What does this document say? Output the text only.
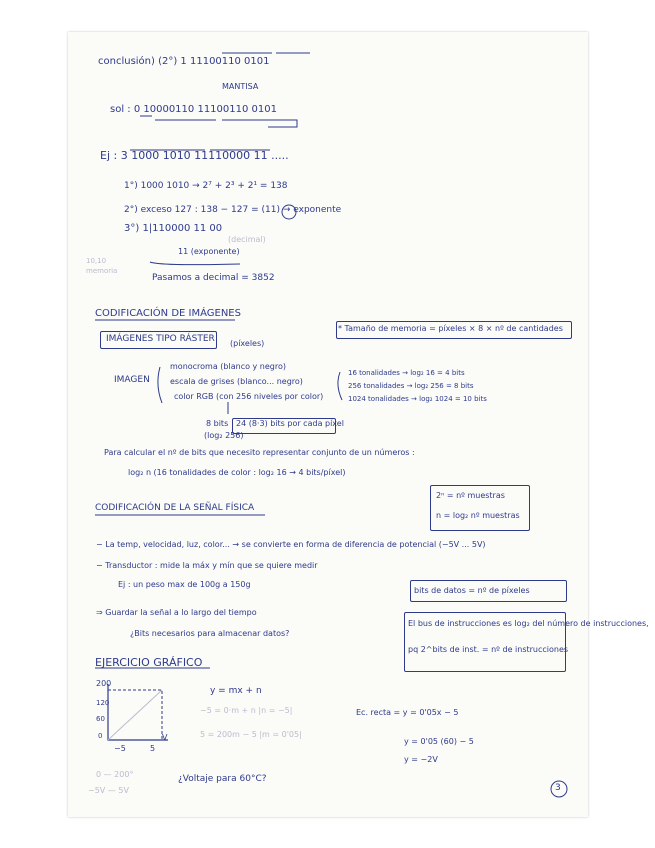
conclusión) (2°) 1 11100110 0101
MANTISA
sol : 0 10000110 11100110 0101
Ej : 3 1000 1010 11110000 11 .....
1°) 1000 1010 → 2⁷ + 2³ + 2¹ = 138
2°) exceso 127 : 138 − 127 = (11) → exponente
3°) 1|110000 11 00
11 (exponente)
10,10
memoria
(decimal)
Pasamos a decimal = 3852
CODIFICACIÓN DE IMÁGENES
IMÁGENES TIPO RÁSTER (píxeles)
* Tamaño de memoria = píxeles × 8 × nº de cantidades
IMAGEN
monocroma (blanco y negro)
escala de grises (blanco... negro)
color RGB (con 256 niveles por color)
16 tonalidades → log₂ 16 = 4 bits
256 tonalidades → log₂ 256 = 8 bits
1024 tonalidades → log₂ 1024 = 10 bits
8 bits
(log₂ 256)
24 (8·3) bits por cada píxel
Para calcular el nº de bits que necesito representar conjunto de un números :
log₂ n (16 tonalidades de color : log₂ 16 → 4 bits/píxel)
2ⁿ = nº muestras
n = log₂ nº muestras
CODIFICACIÓN DE LA SEÑAL FÍSICA
− La temp, velocidad, luz, color... → se convierte en forma de diferencia de potencial (−5V ... 5V)
− Transductor : mide la máx y mín que se quiere medir
Ej : un peso max de 100g a 150g
bits de datos = nº de píxeles
⇒ Guardar la señal a lo largo del tiempo
¿Bits necesarios para almacenar datos?
El bus de instrucciones es log₂ del número de instrucciones,
pq 2^bits de inst. = nº de instrucciones
EJERCICIO GRÁFICO
200
120
60
0
−5	5
V
y = mx + n
−5 = 0·m + n |n = −5|
5 = 200m − 5 |m = 0'05|
Ec. recta = y = 0'05x − 5
y = 0'05 (60) − 5
y = −2V
0 — 200°
−5V — 5V
¿Voltaje para 60°C?
3
